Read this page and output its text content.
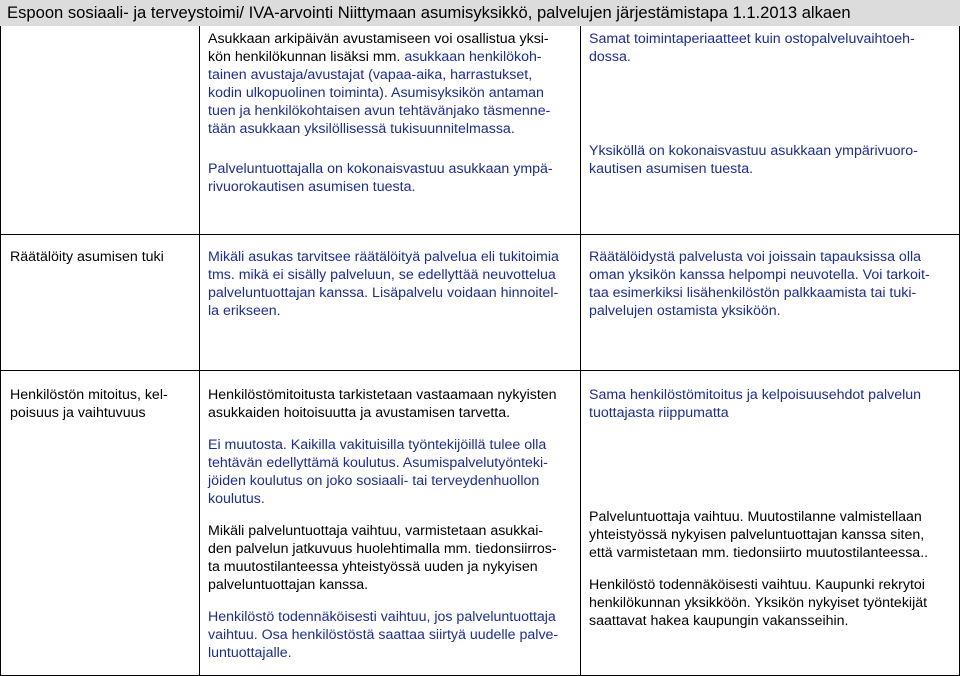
Espoon sosiaali- ja terveystoimi/ IVA-arvointi Niittymaan asumisyksikkö, palvelujen järjestämistapa 1.1.2013 alkaen

Asukkaan arkipäivän avustamiseen voi osallistua yksi-
kön henkilökunnan lisäksi mm. asukkaan henkilökoh-
tainen avustaja/avustajat (vapaa-aika, harrastukset,
kodin ulkopuolinen toiminta). Asumisyksikön antaman
tuen ja henkilökohtaisen avun tehtävänjako täsmenne-
tään asukkaan yksilöllisessä tukisuunnitelmassa.

Palveluntuottajalla on kokonaisvastuu asukkaan ympä-
rivuorokautisen asumisen tuesta.

Samat toimintaperiaatteet kuin ostopalveluvaihtoeh-
dossa.

Yksiköllä on kokonaisvastuu asukkaan ympärivuoro-
kautisen asumisen tuesta.

Räätälöity asumisen tuki	Mikäli asukas tarvitsee räätälöityä palvelua eli tukitoimia
tms. mikä ei sisälly palveluun, se edellyttää neuvottelua
palveluntuottajan kanssa. Lisäpalvelu voidaan hinnoitel-
la erikseen.

Räätälöidystä palvelusta voi joissain tapauksissa olla
oman yksikön kanssa helpompi neuvotella. Voi tarkoit-
taa esimerkiksi lisähenkilöstön palkkaamista tai tuki-
palvelujen ostamista yksiköön.

Henkilöstön mitoitus, kel-
poisuus ja vaihtuvuus

Henkilöstömitoitusta tarkistetaan vastaamaan nykyisten
asukkaiden hoitoisuutta ja avustamisen tarvetta.

Ei muutosta. Kaikilla vakituisilla työntekijöillä tulee olla
tehtävän edellyttämä koulutus. Asumispalvelutyönteki-
jöiden koulutus on joko sosiaali- tai terveydenhuollon
koulutus.

Mikäli palveluntuottaja vaihtuu, varmistetaan asukkai-
den palvelun jatkuvuus huolehtimalla mm. tiedonsiirros-
ta muutostilanteessa yhteistyössä uuden ja nykyisen
palveluntuottajan kanssa.

Henkilöstö todennäköisesti vaihtuu, jos palveluntuottaja
vaihtuu. Osa henkilöstöstä saattaa siirtyä uudelle palve-
luntuottajalle.

Sama henkilöstömitoitus ja kelpoisuusehdot palvelun
tuottajasta riippumatta

Palveluntuottaja vaihtuu. Muutostilanne valmistellaan
yhteistyössä nykyisen palveluntuottajan kanssa siten,
että varmistetaan mm. tiedonsiirto muutostilanteessa..

Henkilöstö todennäköisesti vaihtuu. Kaupunki rekrytoi
henkilökunnan yksikköön. Yksikön nykyiset työntekijät
saattavat hakea kaupungin vakansseihin.
